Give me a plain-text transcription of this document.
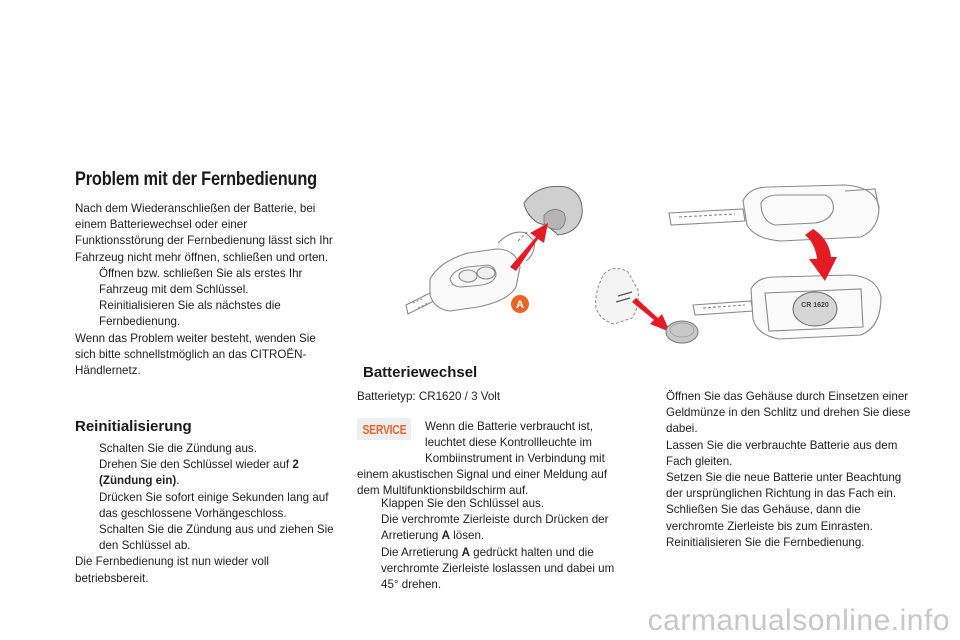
Problem mit der Fernbedienung

Nach dem Wiederanschließen der Batterie, bei einem Batteriewechsel oder einer Funktionsstörung der Fernbedienung lässt sich Ihr Fahrzeug nicht mehr öffnen, schließen und orten.

Öffnen bzw. schließen Sie als erstes Ihr Fahrzeug mit dem Schlüssel.
Reinitialisieren Sie als nächstes die Fernbedienung.

Wenn das Problem weiter besteht, wenden Sie sich bitte schnellstmöglich an das CITROËN-Händlernetz.

Reinitialisierung
Schalten Sie die Zündung aus.
Drehen Sie den Schlüssel wieder auf 2 (Zündung ein).
Drücken Sie sofort einige Sekunden lang auf das geschlossene Vorhängeschloss.
Schalten Sie die Zündung aus und ziehen Sie den Schlüssel ab.

Die Fernbedienung ist nun wieder voll betriebsbereit.

A	CR 1620
Batteriewechsel
Batterietyp: CR1620 / 3 Volt
SERVICE Wenn die Batterie verbraucht ist, leuchtet diese Kontrollleuchte im Kombiinstrument in Verbindung mit
einem akustischen Signal und einer Meldung auf dem Multifunktionsbildschirm auf.
Klappen Sie den Schlüssel aus.
Die verchromte Zierleiste durch Drücken der Arretierung A lösen.
Die Arretierung A gedrückt halten und die verchromte Zierleiste loslassen und dabei um 45° drehen.
Öffnen Sie das Gehäuse durch Einsetzen einer Geldmünze in den Schlitz und drehen Sie diese dabei.
Lassen Sie die verbrauchte Batterie aus dem Fach gleiten.
Setzen Sie die neue Batterie unter Beachtung der ursprünglichen Richtung in das Fach ein.
Schließen Sie das Gehäuse, dann die verchromte Zierleiste bis zum Einrasten.
Reinitialisieren Sie die Fernbedienung.
carmanualsonline.info
